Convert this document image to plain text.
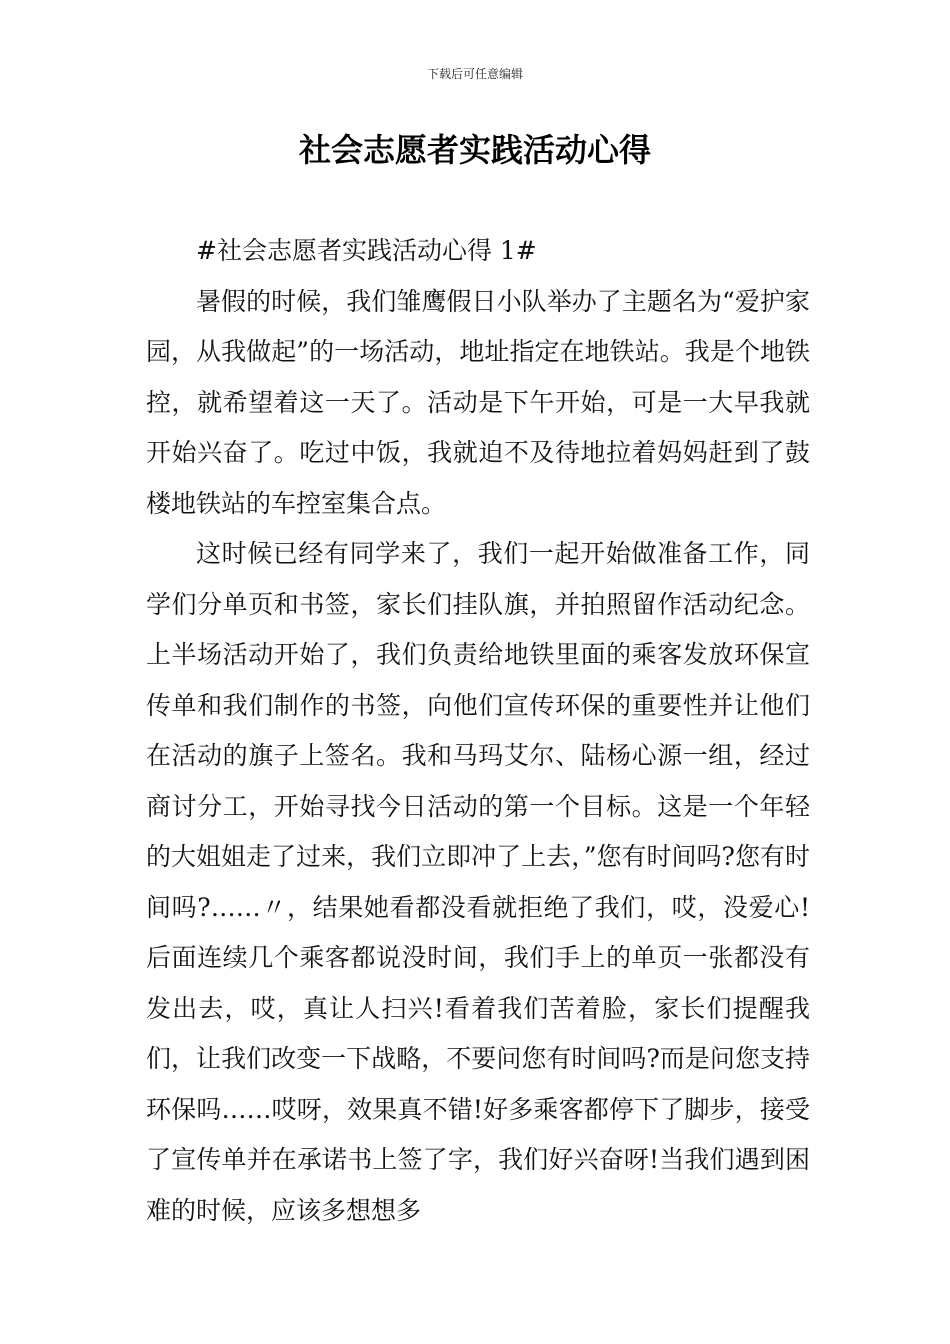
下载后可任意编辑
社会志愿者实践活动心得

#社会志愿者实践活动心得 1#

暑假的时候，我们雏鹰假日小队举办了主题名为“爱护家园，从我做起”的一场活动，地址指定在地铁站。我是个地铁控，就希望着这一天了。活动是下午开始，可是一大早我就开始兴奋了。吃过中饭，我就迫不及待地拉着妈妈赶到了鼓楼地铁站的车控室集合点。

这时候已经有同学来了，我们一起开始做准备工作，同学们分单页和书签，家长们挂队旗，并拍照留作活动纪念。上半场活动开始了，我们负责给地铁里面的乘客发放环保宣传单和我们制作的书签，向他们宣传环保的重要性并让他们在活动的旗子上签名。我和马玛艾尔、陆杨心源一组，经过商讨分工，开始寻找今日活动的第一个目标。这是一个年轻的大姐姐走了过来，我们立即冲了上去，”您有时间吗?您有时间吗?……〃，结果她看都没看就拒绝了我们，哎，没爱心!后面连续几个乘客都说没时间，我们手上的单页一张都没有发出去，哎，真让人扫兴!看着我们苦着脸，家长们提醒我们，让我们改变一下战略，不要问您有时间吗?而是问您支持环保吗……哎呀，效果真不错!好多乘客都停下了脚步，接受了宣传单并在承诺书上签了字，我们好兴奋呀!当我们遇到困难的时候，应该多想想多
